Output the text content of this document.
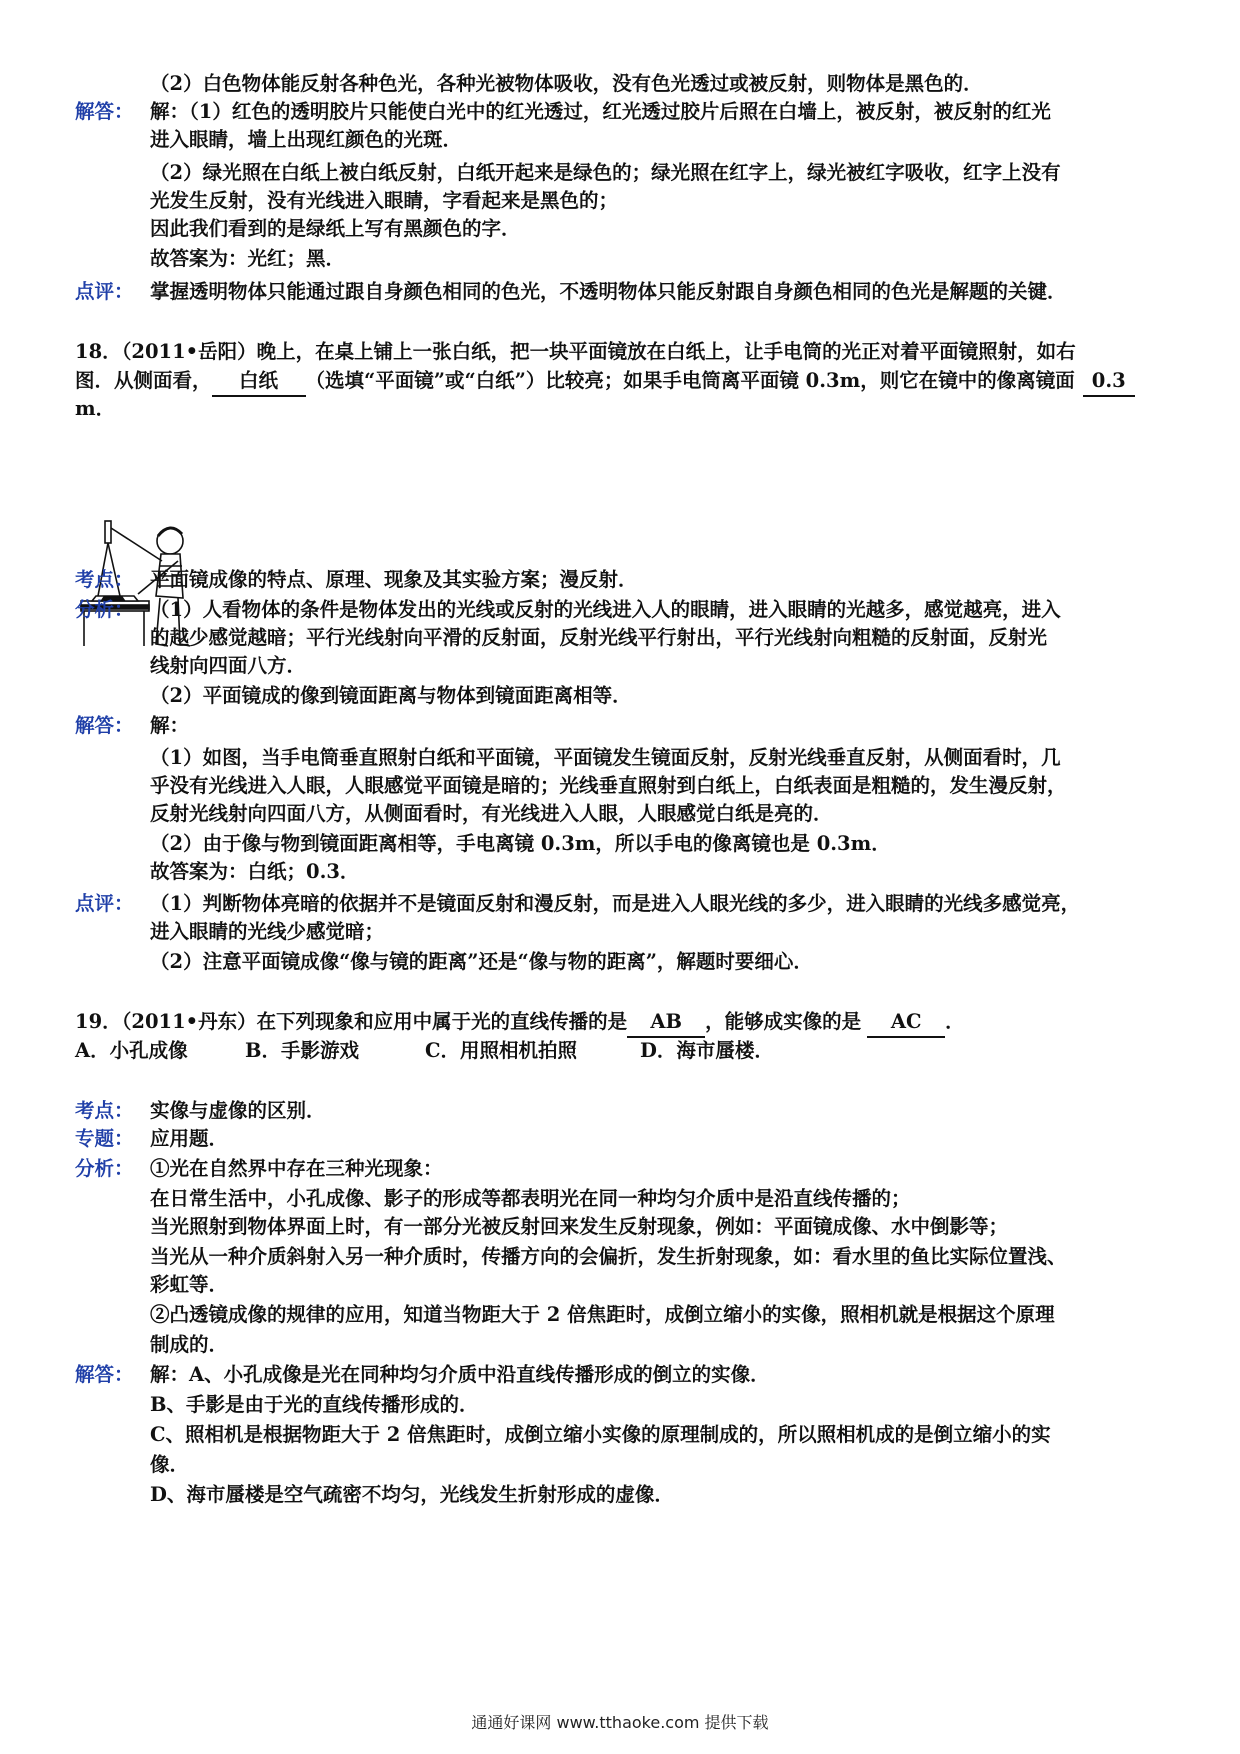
（2）白色物体能反射各种色光，各种光被物体吸收，没有色光透过或被反射，则物体是黑色的．
解答： 解：（1）红色的透明胶片只能使白光中的红光透过，红光透过胶片后照在白墙上，被反射，被反射的红光
进入眼睛，墙上出现红颜色的光斑．
（2）绿光照在白纸上被白纸反射，白纸开起来是绿色的；绿光照在红字上，绿光被红字吸收，红字上没有
光发生反射，没有光线进入眼睛，字看起来是黑色的；
因此我们看到的是绿纸上写有黑颜色的字．
故答案为：光红；黑．
点评： 掌握透明物体只能通过跟自身颜色相同的色光，不透明物体只能反射跟自身颜色相同的色光是解题的关键．
18．（2011•岳阳）晚上，在桌上铺上一张白纸，把一块平面镜放在白纸上，让手电筒的光正对着平面镜照射，如右
图．从侧面看， 白纸 （选填“平面镜”或“白纸”）比较亮；如果手电筒离平面镜 0.3m，则它在镜中的像离镜面 0.3
m．
考点： 平面镜成像的特点、原理、现象及其实验方案；漫反射．
分析： （1）人看物体的条件是物体发出的光线或反射的光线进入人的眼睛，进入眼睛的光越多，感觉越亮，进入
的越少感觉越暗；平行光线射向平滑的反射面，反射光线平行射出，平行光线射向粗糙的反射面，反射光
线射向四面八方．
（2）平面镜成的像到镜面距离与物体到镜面距离相等．
解答： 解：
（1）如图，当手电筒垂直照射白纸和平面镜，平面镜发生镜面反射，反射光线垂直反射，从侧面看时，几
乎没有光线进入人眼，人眼感觉平面镜是暗的；光线垂直照射到白纸上，白纸表面是粗糙的，发生漫反射，
反射光线射向四面八方，从侧面看时，有光线进入人眼，人眼感觉白纸是亮的．
（2）由于像与物到镜面距离相等，手电离镜 0.3m，所以手电的像离镜也是 0.3m．
故答案为：白纸；0.3．
点评： （1）判断物体亮暗的依据并不是镜面反射和漫反射，而是进入人眼光线的多少，进入眼睛的光线多感觉亮，
进入眼睛的光线少感觉暗；
（2）注意平面镜成像“像与镜的距离”还是“像与物的距离”，解题时要细心．
19．（2011•丹东）在下列现象和应用中属于光的直线传播的是 AB ，能够成实像的是 AC ．
A．小孔成像	B．手影游戏	C．用照相机拍照	D．海市蜃楼．
考点： 实像与虚像的区别．
专题： 应用题．
分析： ①光在自然界中存在三种光现象：
在日常生活中，小孔成像、影子的形成等都表明光在同一种均匀介质中是沿直线传播的；
当光照射到物体界面上时，有一部分光被反射回来发生反射现象，例如：平面镜成像、水中倒影等；
当光从一种介质斜射入另一种介质时，传播方向的会偏折，发生折射现象，如：看水里的鱼比实际位置浅、
彩虹等．
②凸透镜成像的规律的应用，知道当物距大于 2 倍焦距时，成倒立缩小的实像，照相机就是根据这个原理
制成的．
解答： 解：A、小孔成像是光在同种均匀介质中沿直线传播形成的倒立的实像．
B、手影是由于光的直线传播形成的．
C、照相机是根据物距大于 2 倍焦距时，成倒立缩小实像的原理制成的，所以照相机成的是倒立缩小的实
像．
D、海市蜃楼是空气疏密不均匀，光线发生折射形成的虚像．
通通好课网 www.tthaoke.com 提供下载
